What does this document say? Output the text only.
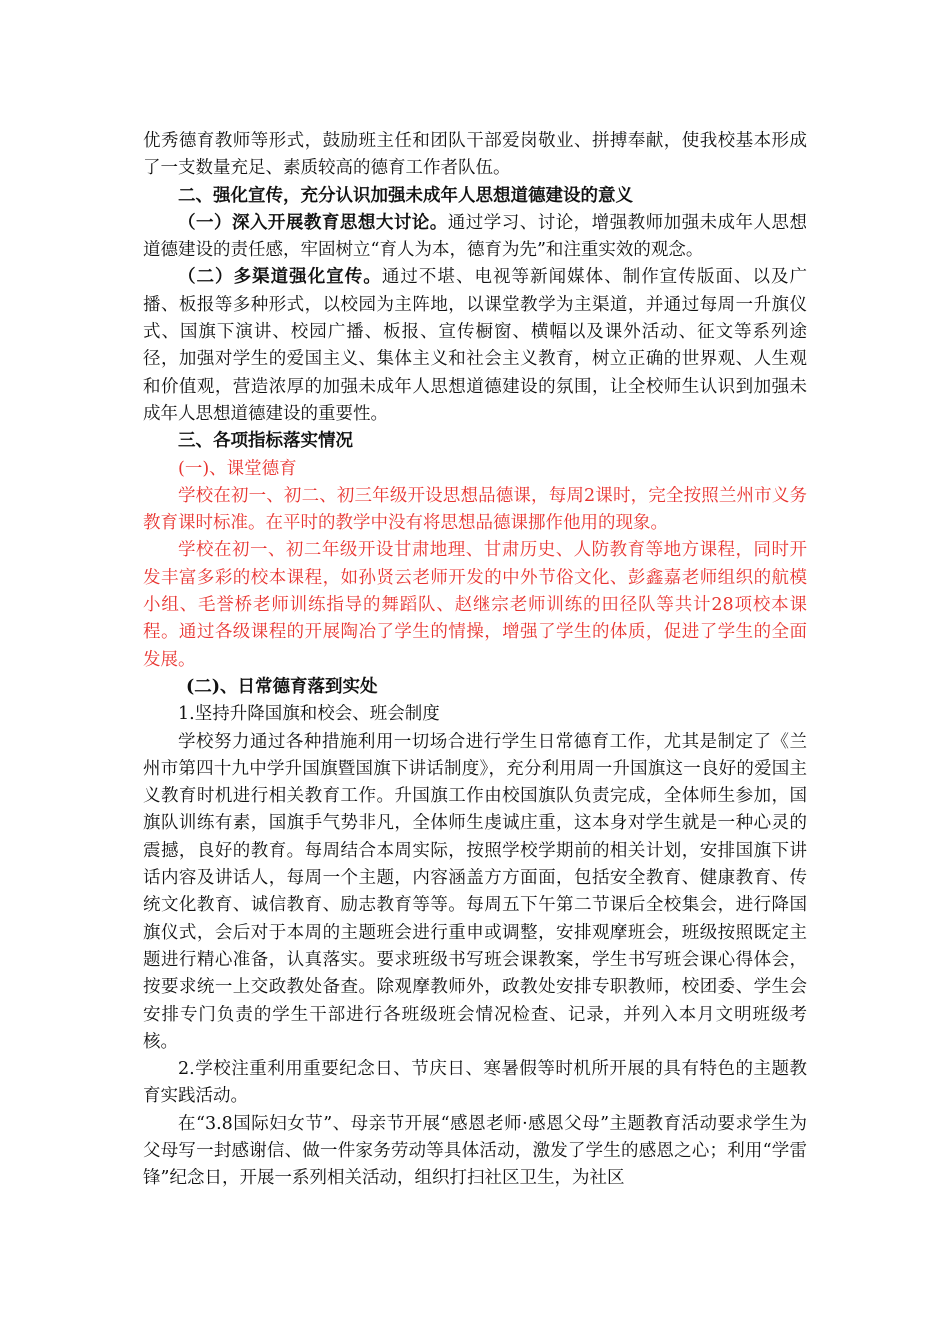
优秀德育教师等形式，鼓励班主任和团队干部爱岗敬业、拼搏奉献，使我校基本形成了一支数量充足、素质较高的德育工作者队伍。

二、强化宣传，充分认识加强未成年人思想道德建设的意义

（一）深入开展教育思想大讨论。通过学习、讨论，增强教师加强未成年人思想道德建设的责任感，牢固树立“育人为本，德育为先”和注重实效的观念。

（二）多渠道强化宣传。通过不堪、电视等新闻媒体、制作宣传版面、以及广播、板报等多种形式，以校园为主阵地，以课堂教学为主渠道，并通过每周一升旗仪式、国旗下演讲、校园广播、板报、宣传橱窗、横幅以及课外活动、征文等系列途径，加强对学生的爱国主义、集体主义和社会主义教育，树立正确的世界观、人生观和价值观，营造浓厚的加强未成年人思想道德建设的氛围，让全校师生认识到加强未成年人思想道德建设的重要性。

三、各项指标落实情况

(一)、课堂德育

学校在初一、初二、初三年级开设思想品德课，每周2课时，完全按照兰州市义务教育课时标准。在平时的教学中没有将思想品德课挪作他用的现象。

学校在初一、初二年级开设甘肃地理、甘肃历史、人防教育等地方课程，同时开发丰富多彩的校本课程，如孙贤云老师开发的中外节俗文化、彭鑫嘉老师组织的航模小组、毛誉桥老师训练指导的舞蹈队、赵继宗老师训练的田径队等共计28项校本课程。通过各级课程的开展陶冶了学生的情操，增强了学生的体质，促进了学生的全面发展。

(二)、日常德育落到实处

1.坚持升降国旗和校会、班会制度

学校努力通过各种措施利用一切场合进行学生日常德育工作，尤其是制定了《兰州市第四十九中学升国旗暨国旗下讲话制度》，充分利用周一升国旗这一良好的爱国主义教育时机进行相关教育工作。升国旗工作由校国旗队负责完成，全体师生参加，国旗队训练有素，国旗手气势非凡，全体师生虔诚庄重，这本身对学生就是一种心灵的震撼，良好的教育。每周结合本周实际，按照学校学期前的相关计划，安排国旗下讲话内容及讲话人，每周一个主题，内容涵盖方方面面，包括安全教育、健康教育、传统文化教育、诚信教育、励志教育等等。每周五下午第二节课后全校集会，进行降国旗仪式，会后对于本周的主题班会进行重申或调整，安排观摩班会，班级按照既定主题进行精心准备，认真落实。要求班级书写班会课教案，学生书写班会课心得体会，按要求统一上交政教处备查。除观摩教师外，政教处安排专职教师，校团委、学生会安排专门负责的学生干部进行各班级班会情况检查、记录，并列入本月文明班级考核。

2.学校注重利用重要纪念日、节庆日、寒暑假等时机所开展的具有特色的主题教育实践活动。

在“3.8国际妇女节”、母亲节开展“感恩老师·感恩父母”主题教育活动要求学生为父母写一封感谢信、做一件家务劳动等具体活动，激发了学生的感恩之心；利用“学雷锋”纪念日，开展一系列相关活动，组织打扫社区卫生，为社区
